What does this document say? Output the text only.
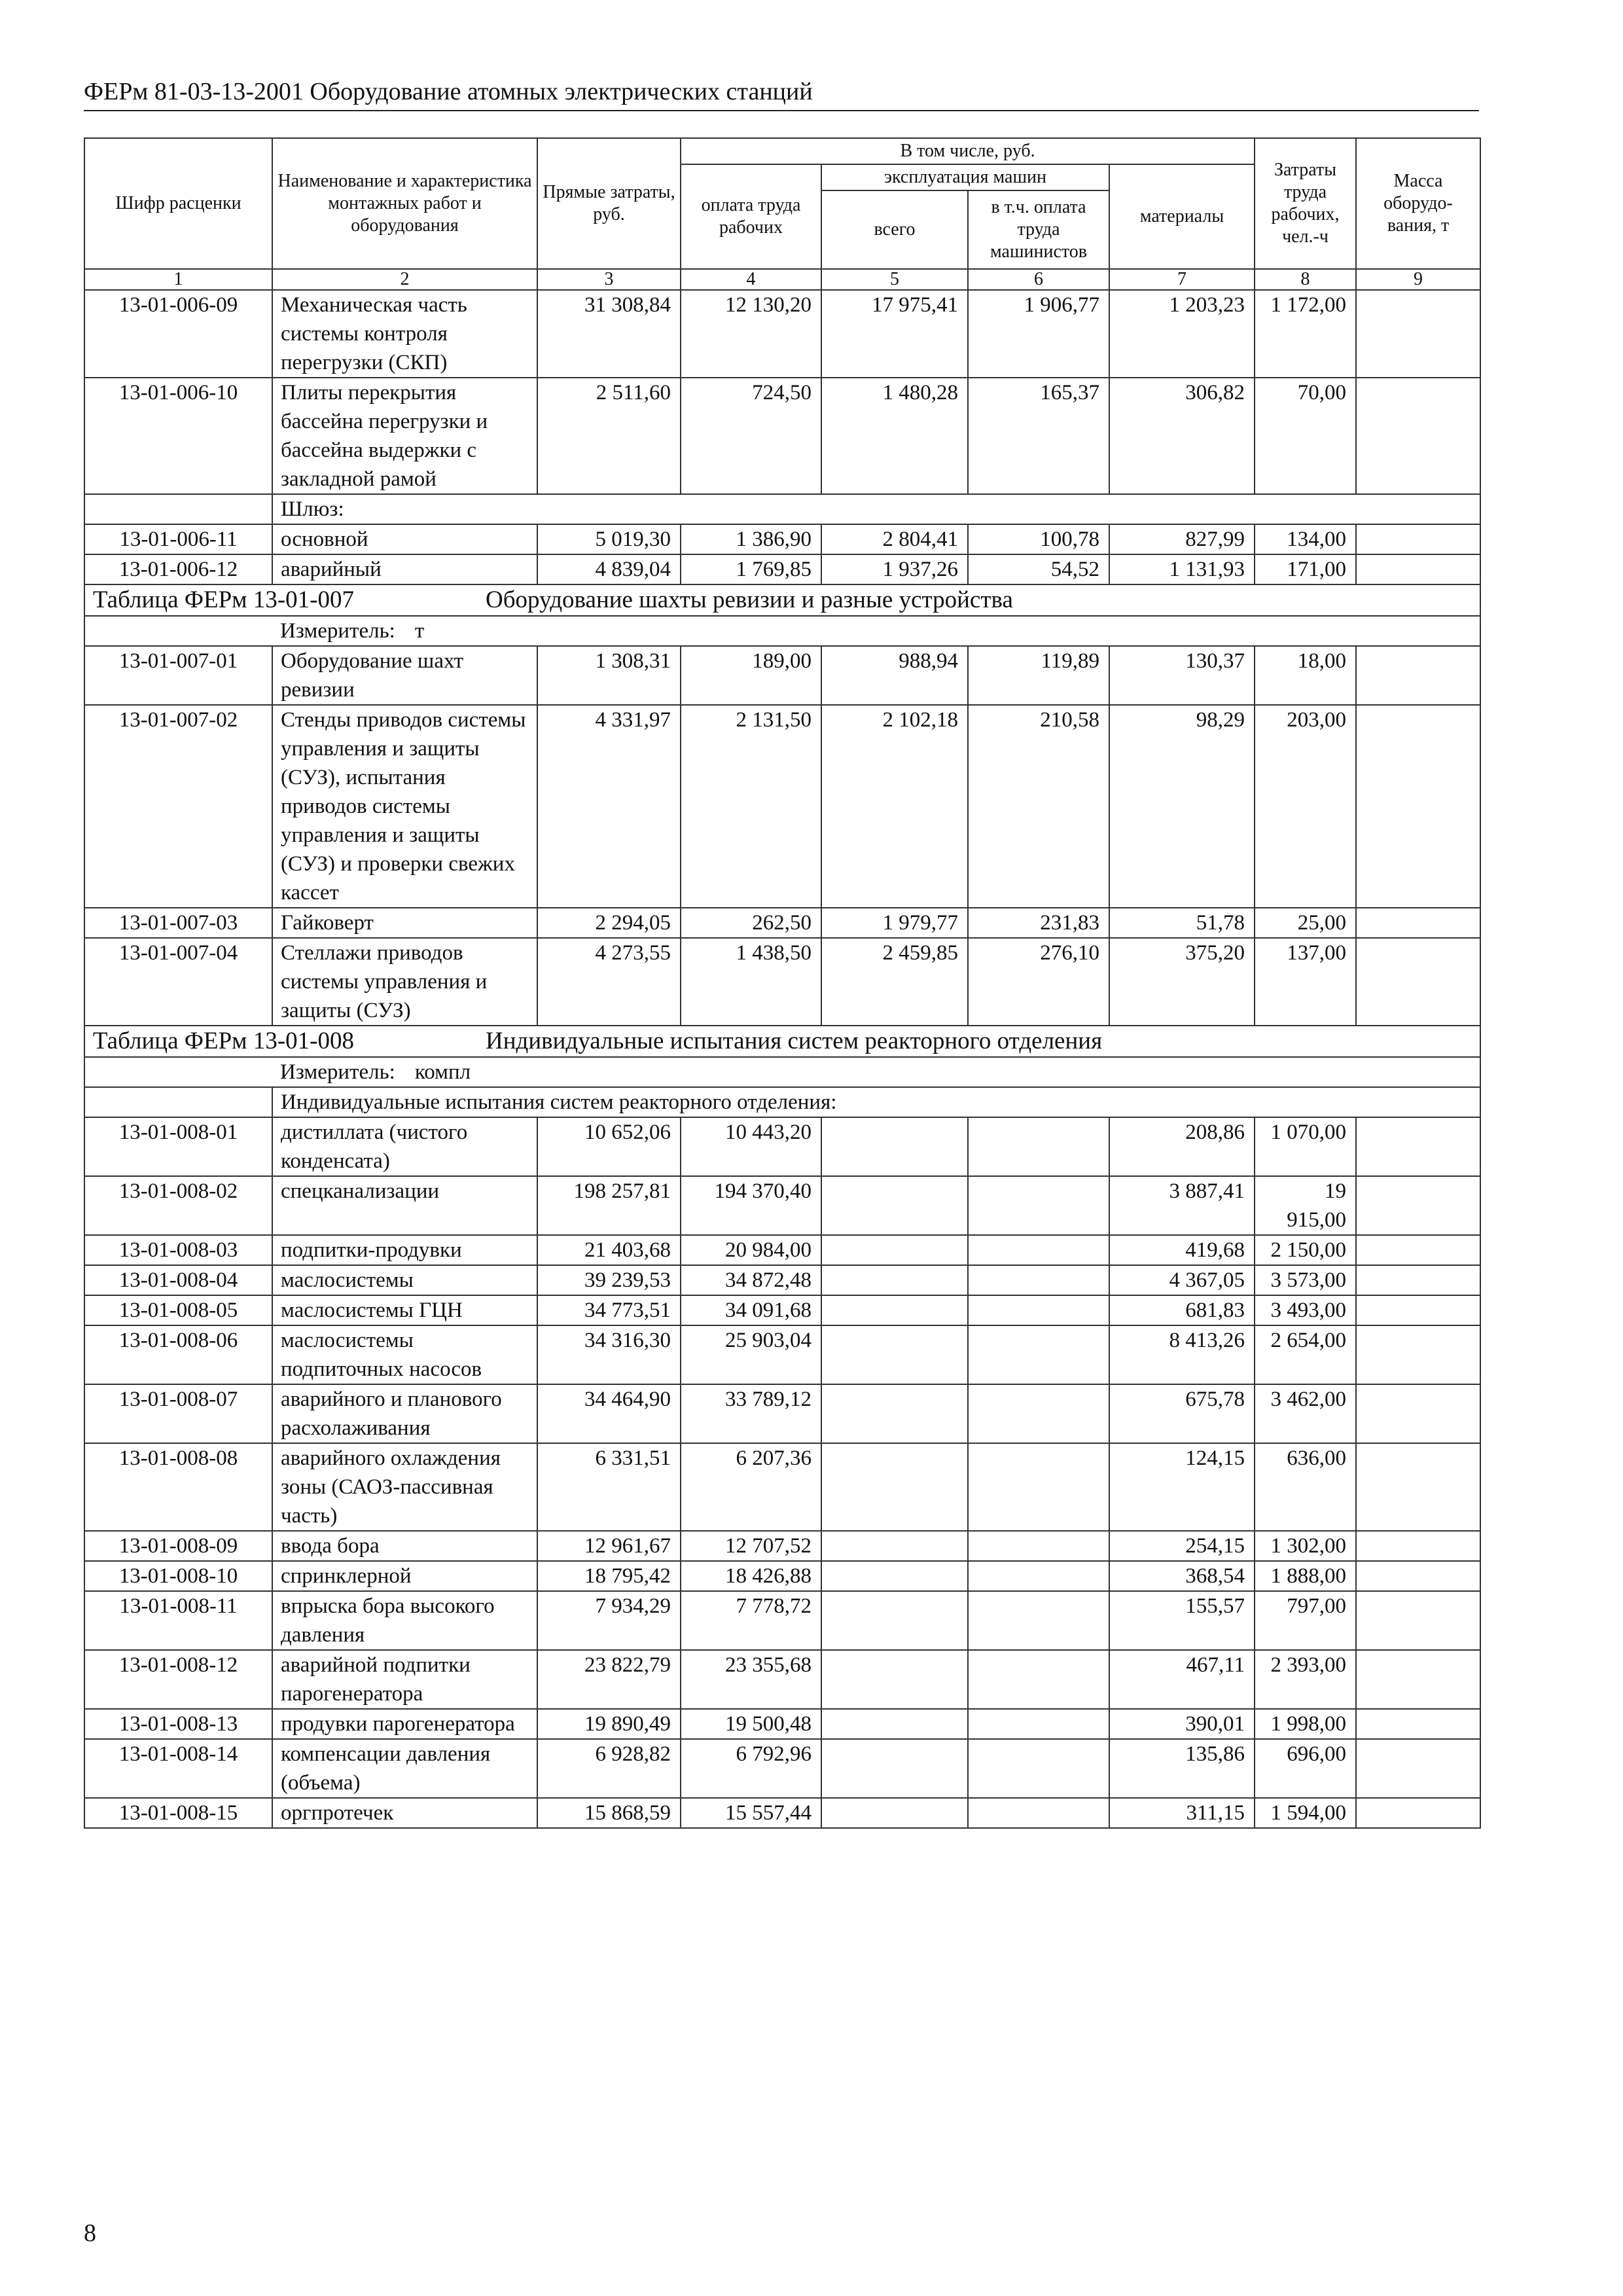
ФЕРм 81-03-13-2001 Оборудование атомных электрических станций
Шифр расценки	Наименование и характеристика монтажных работ и оборудования	Прямые затраты, руб.	В том числе, руб.				Затраты труда рабочих, чел.-ч	Масса оборудо-вания, т
			оплата труда рабочих	эксплуатация машин		материалы		
				всего	в т.ч. оплата труда машинистов			
1	2	3	4	5	6	7	8	9
13-01-006-09	Механическая часть системы контроля перегрузки (СКП)	31 308,84	12 130,20	17 975,41	1 906,77	1 203,23	1 172,00	
13-01-006-10	Плиты перекрытия бассейна перегрузки и бассейна выдержки с закладной рамой	2 511,60	724,50	1 480,28	165,37	306,82	70,00	
	Шлюз:							
13-01-006-11	основной	5 019,30	1 386,90	2 804,41	100,78	827,99	134,00	
13-01-006-12	аварийный	4 839,04	1 769,85	1 937,26	54,52	1 131,93	171,00	
Таблица ФЕРм 13-01-007 Оборудование шахты ревизии и разные устройства								
Измеритель: т								
13-01-007-01	Оборудование шахт ревизии	1 308,31	189,00	988,94	119,89	130,37	18,00	
13-01-007-02	Стенды приводов системы управления и защиты (СУЗ), испытания приводов системы управления и защиты (СУЗ) и проверки свежих кассет	4 331,97	2 131,50	2 102,18	210,58	98,29	203,00	
13-01-007-03	Гайковерт	2 294,05	262,50	1 979,77	231,83	51,78	25,00	
13-01-007-04	Стеллажи приводов системы управления и защиты (СУЗ)	4 273,55	1 438,50	2 459,85	276,10	375,20	137,00	
Таблица ФЕРм 13-01-008 Индивидуальные испытания систем реакторного отделения								
Измеритель: компл								
	Индивидуальные испытания систем реакторного отделения:							
13-01-008-01	дистиллата (чистого конденсата)	10 652,06	10 443,20			208,86	1 070,00	
13-01-008-02	спецканализации	198 257,81	194 370,40			3 887,41	19 915,00	
13-01-008-03	подпитки-продувки	21 403,68	20 984,00			419,68	2 150,00	
13-01-008-04	маслосистемы	39 239,53	34 872,48			4 367,05	3 573,00	
13-01-008-05	маслосистемы ГЦН	34 773,51	34 091,68			681,83	3 493,00	
13-01-008-06	маслосистемы подпиточных насосов	34 316,30	25 903,04			8 413,26	2 654,00	
13-01-008-07	аварийного и планового расхолаживания	34 464,90	33 789,12			675,78	3 462,00	
13-01-008-08	аварийного охлаждения зоны (САОЗ-пассивная часть)	6 331,51	6 207,36			124,15	636,00	
13-01-008-09	ввода бора	12 961,67	12 707,52			254,15	1 302,00	
13-01-008-10	спринклерной	18 795,42	18 426,88			368,54	1 888,00	
13-01-008-11	впрыска бора высокого давления	7 934,29	7 778,72			155,57	797,00	
13-01-008-12	аварийной подпитки парогенератора	23 822,79	23 355,68			467,11	2 393,00	
13-01-008-13	продувки парогенератора	19 890,49	19 500,48			390,01	1 998,00	
13-01-008-14	компенсации давления (объема)	6 928,82	6 792,96			135,86	696,00	
13-01-008-15	оргпротечек	15 868,59	15 557,44			311,15	1 594,00	
8
